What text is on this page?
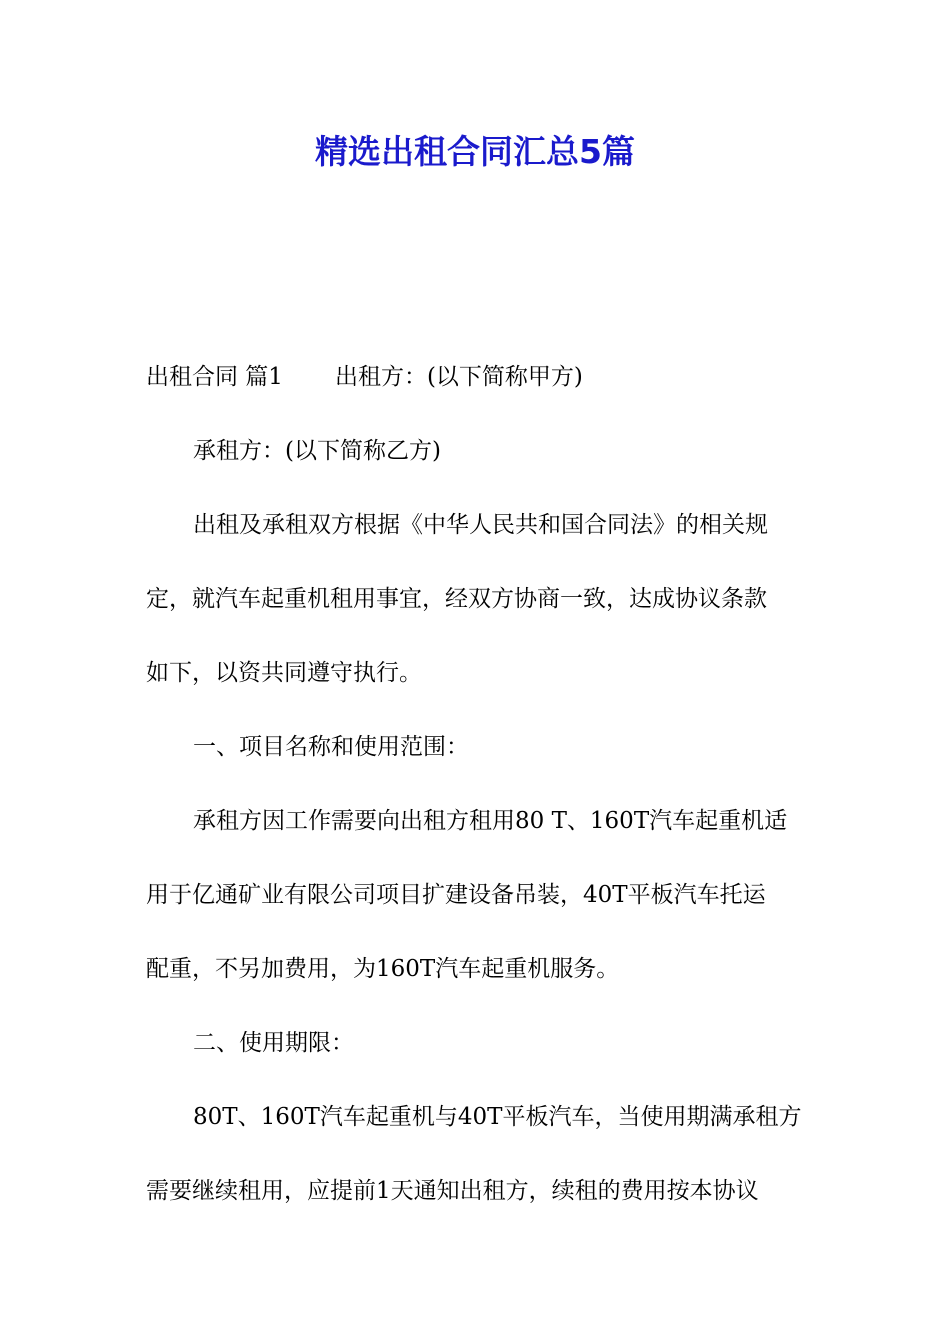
精选出租合同汇总5篇
出租合同 篇1 出租方：(以下简称甲方)
承租方：(以下简称乙方)
出租及承租双方根据《中华人民共和国合同法》的相关规
定，就汽车起重机租用事宜，经双方协商一致，达成协议条款
如下，以资共同遵守执行。
一、项目名称和使用范围：
承租方因工作需要向出租方租用80 T、160T汽车起重机适
用于亿通矿业有限公司项目扩建设备吊装，40T平板汽车托运
配重，不另加费用，为160T汽车起重机服务。
二、使用期限：
80T、160T汽车起重机与40T平板汽车，当使用期满承租方
需要继续租用，应提前1天通知出租方，续租的费用按本协议
